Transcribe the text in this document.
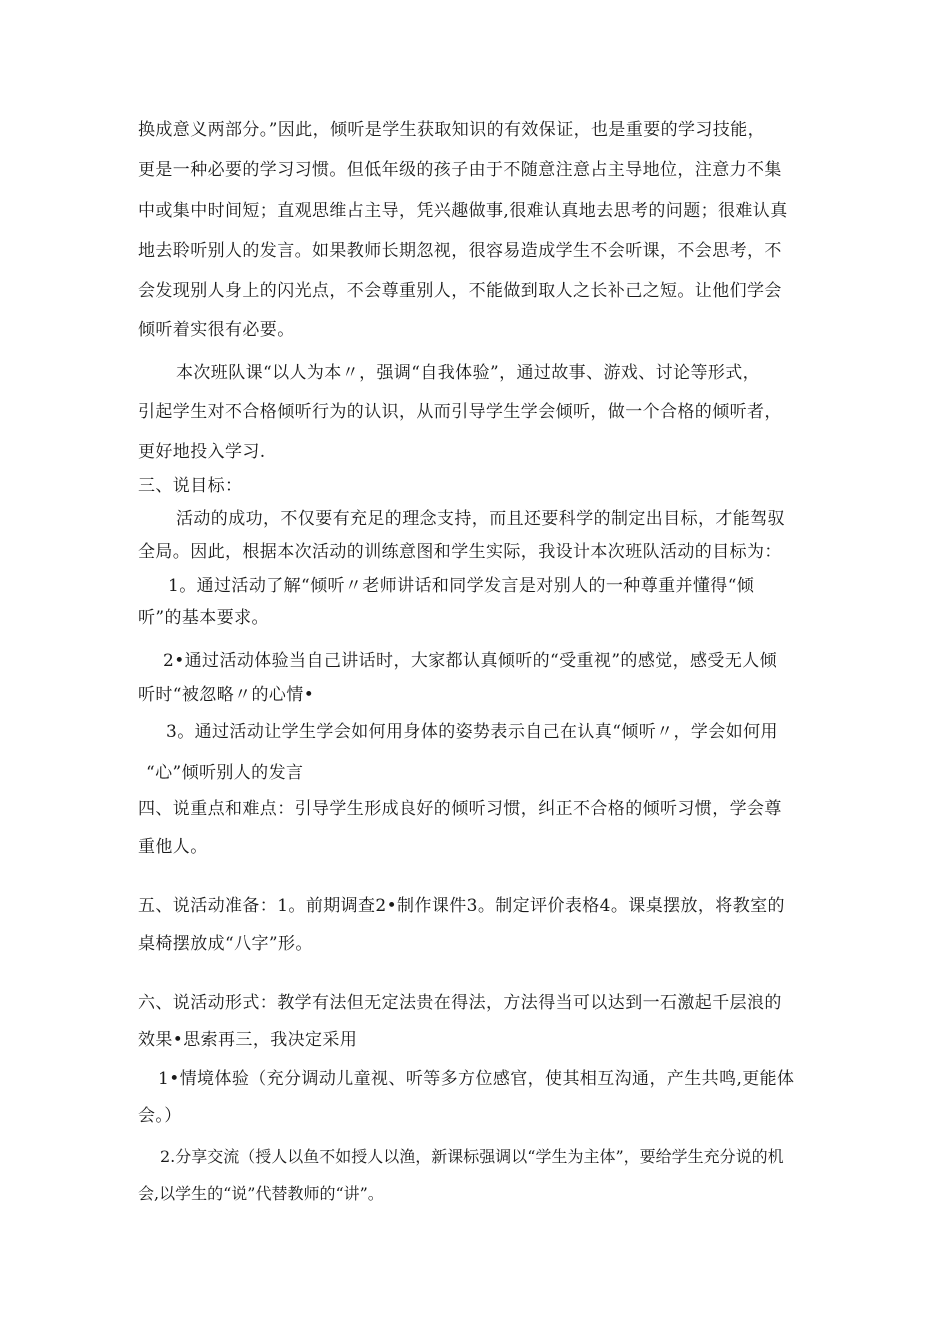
换成意义两部分。”因此，倾听是学生获取知识的有效保证，也是重要的学习技能，
更是一种必要的学习习惯。但低年级的孩子由于不随意注意占主导地位，注意力不集
中或集中时间短；直观思维占主导，凭兴趣做事,很难认真地去思考的问题；很难认真
地去聆听别人的发言。如果教师长期忽视，很容易造成学生不会听课，不会思考，不
会发现别人身上的闪光点，不会尊重别人，不能做到取人之长补己之短。让他们学会
倾听着实很有必要。
本次班队课“以人为本〃，强调“自我体验”，通过故事、游戏、讨论等形式，
引起学生对不合格倾听行为的认识，从而引导学生学会倾听，做一个合格的倾听者，
更好地投入学习.
三、说目标：
活动的成功，不仅要有充足的理念支持，而且还要科学的制定出目标，才能驾驭
全局。因此，根据本次活动的训练意图和学生实际，我设计本次班队活动的目标为：
1。通过活动了解“倾听〃老师讲话和同学发言是对别人的一种尊重并懂得“倾
听”的基本要求。
2•通过活动体验当自己讲话时，大家都认真倾听的“受重视”的感觉，感受无人倾
听时“被忽略〃的心情•
3。通过活动让学生学会如何用身体的姿势表示自己在认真“倾听〃，学会如何用
“心”倾听别人的发言
四、说重点和难点：引导学生形成良好的倾听习惯，纠正不合格的倾听习惯，学会尊
重他人。
五、说活动准备：1。前期调查2•制作课件3。制定评价表格4。课桌摆放，将教室的
桌椅摆放成“八字”形。
六、说活动形式：教学有法但无定法贵在得法，方法得当可以达到一石激起千层浪的
效果•思索再三，我决定采用
1•情境体验（充分调动儿童视、听等多方位感官，使其相互沟通，产生共鸣,更能体
会。）
2.分享交流（授人以鱼不如授人以渔，新课标强调以“学生为主体”，要给学生充分说的机
会,以学生的“说”代替教师的“讲”。
